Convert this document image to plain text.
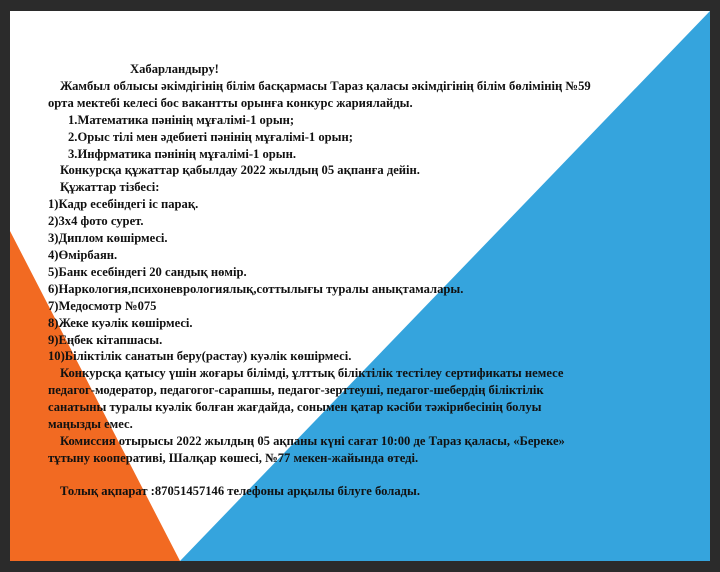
Хабарландыру!

Жамбыл облысы әкімдігінің білім басқармасы Тараз қаласы әкімдігінің білім бөлімінің №59

орта мектебі келесі бос вакантты орынға конкурс жариялайды.

1.Математика пәнінің мұғалімі-1 орын;

2.Орыс тілі мен әдебиеті пәнінің мұғалімі-1 орын;

3.Инфрматика пәнінің мұғалімі-1 орын.

Конкурсқа құжаттар қабылдау 2022 жылдың 05 ақпанға дейін.

Құжаттар тізбесі:

1)Кадр есебіндегі іс парақ.

2)3х4 фото сурет.

3)Диплом көшірмесі.

4)Өмірбаян.

5)Банк есебіндегі 20 сандық нөмір.

6)Наркология,психоневрологиялық,соттылығы туралы анықтамалары.

7)Медосмотр №075

8)Жеке куәлік көшірмесі.

9)Еңбек кітапшасы.

10)Біліктілік санатын беру(растау) куәлік көшірмесі.

Конкурсқа қатысу үшін жоғары білімді, ұлттық біліктілік тестілеу сертификаты немесе

педагог-модератор, педагогог-сарапшы, педагог-зерттеуші, педагог-шебердің біліктілік

санатыны туралы куәлік болған жағдайда, сонымен қатар кәсіби тәжірибесінің болуы

маңызды емес.

Комиссия отырысы 2022 жылдың 05 ақпаны күні сағат 10:00 де Тараз қаласы, «Береке»

тұтыну кооперативі, Шалқар көшесі, №77 мекен-жайында өтеді.

Толық ақпарат :87051457146 телефоны арқылы білуге болады.
